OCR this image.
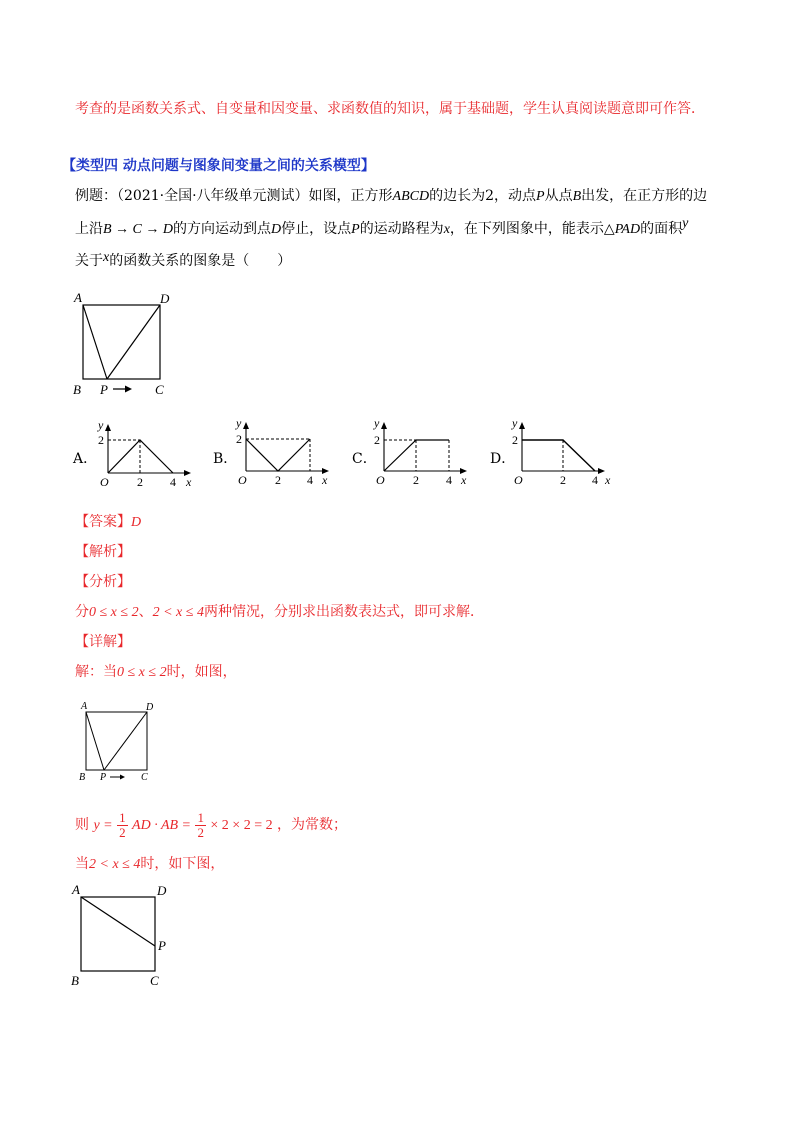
考查的是函数关系式、自变量和因变量、求函数值的知识，属于基础题，学生认真阅读题意即可作答．
【类型四 动点问题与图象间变量之间的关系模型】
例题：（2021·全国·八年级单元测试）如图，正方形ABCD的边长为2，动点P从点B出发，在正方形的边
上沿B → C → D的方向运动到点D停止，设点P的运动路程为x，在下列图象中，能表示△PAD的面积y
关于x的函数关系的图象是（　　）
A	D
B P	C
A．	B．	C．	D．
y
2
O 2 4 x
y
2
O 2 4 x
y
2
O 2 4 x
y
2
O	2 4 x
【答案】D
【解析】
【分析】
分0 ≤ x ≤ 2、2 < x ≤ 4两种情况，分别求出函数表达式，即可求解．
【详解】
解：当0 ≤ x ≤ 2时，如图，
A	D
B P	C
则 $y = \frac{1}{2}$ AD · AB = $\frac{1}{2} \times 2 \times 2 = 2$ ，为常数；
当2 < x ≤ 4时，如下图，
A	D
P
B	C
